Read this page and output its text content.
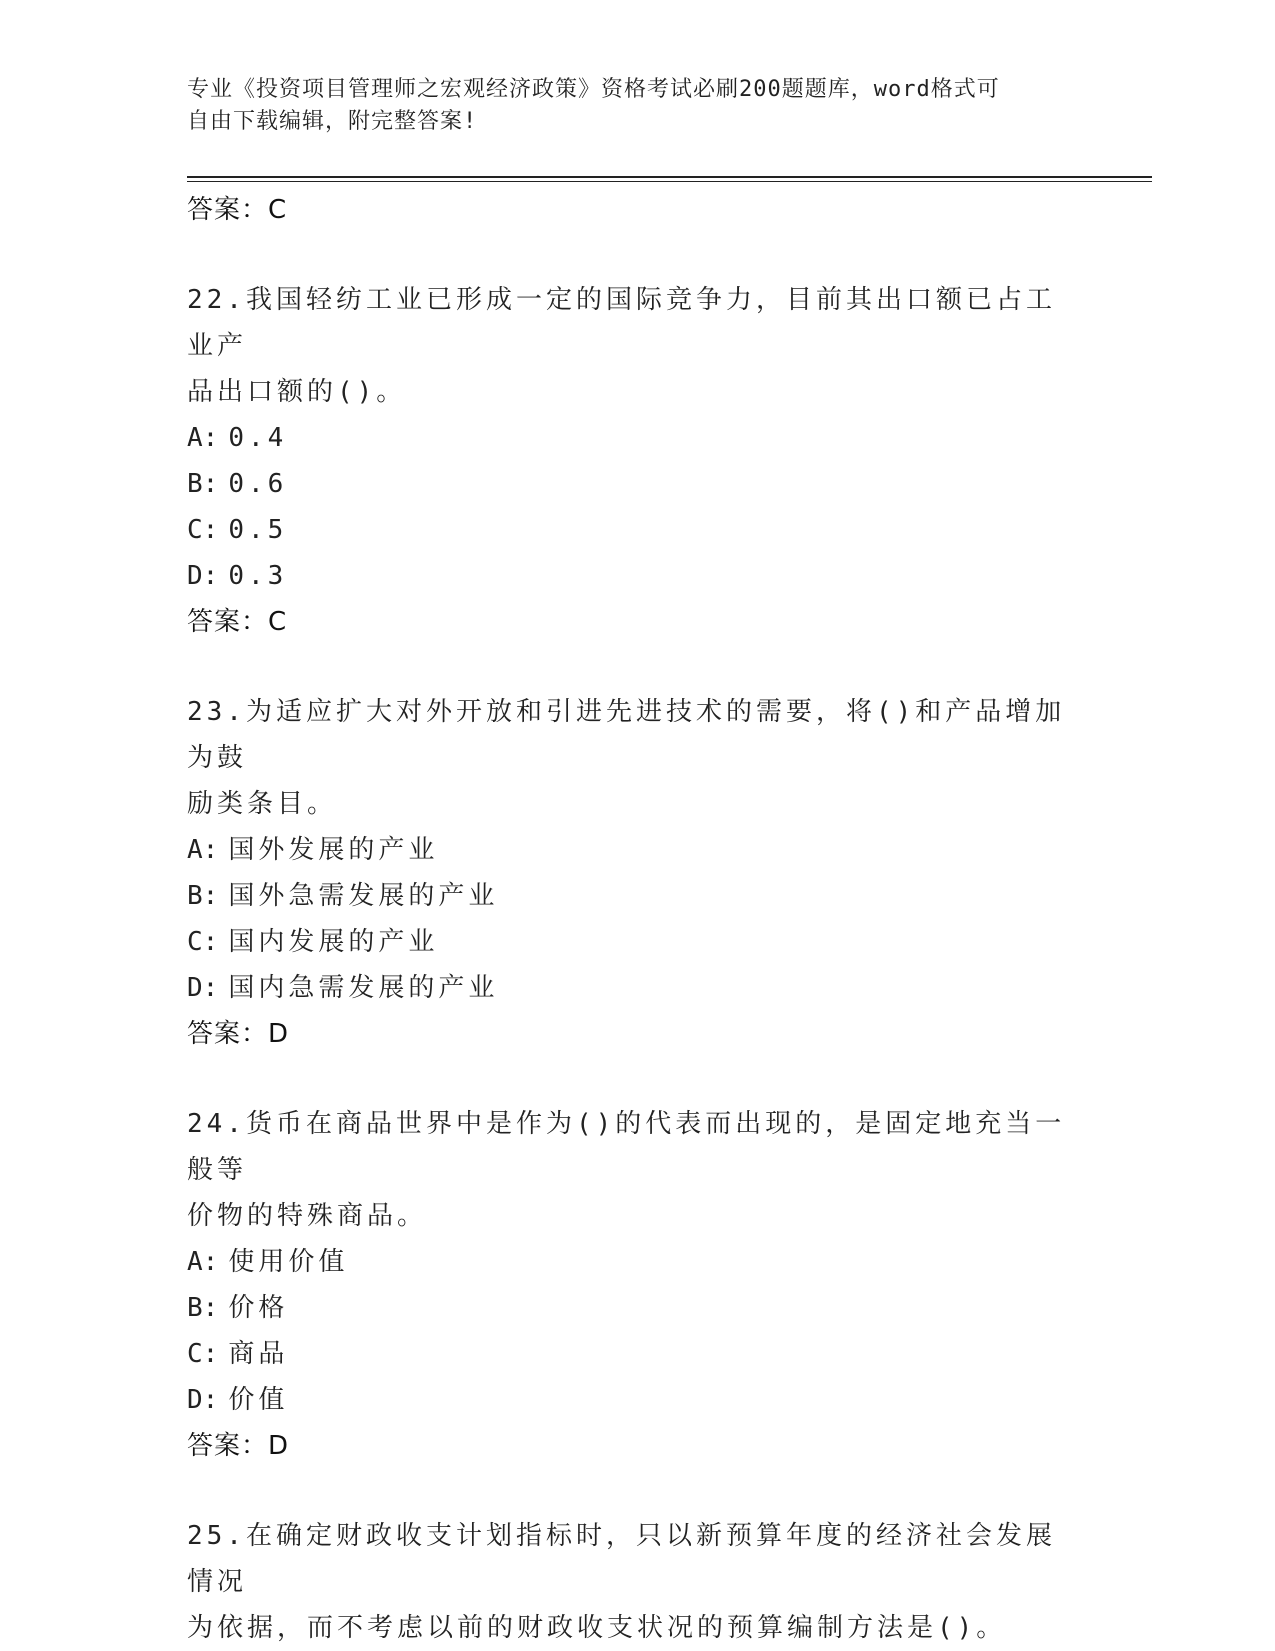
专业《投资项目管理师之宏观经济政策》资格考试必刷200题题库，word格式可
自由下载编辑，附完整答案!
答案：C
22.我国轻纺工业已形成一定的国际竞争力，目前其出口额已占工业产
品出口额的()。
A: 0.4
B: 0.6
C: 0.5
D: 0.3
答案：C
23.为适应扩大对外开放和引进先进技术的需要，将()和产品增加为鼓
励类条目。
A: 国外发展的产业
B: 国外急需发展的产业
C: 国内发展的产业
D: 国内急需发展的产业
答案：D
24.货币在商品世界中是作为()的代表而出现的，是固定地充当一般等
价物的特殊商品。
A: 使用价值
B: 价格
C: 商品
D: 价值
答案：D
25.在确定财政收支计划指标时，只以新预算年度的经济社会发展情况
为依据，而不考虑以前的财政收支状况的预算编制方法是()。
